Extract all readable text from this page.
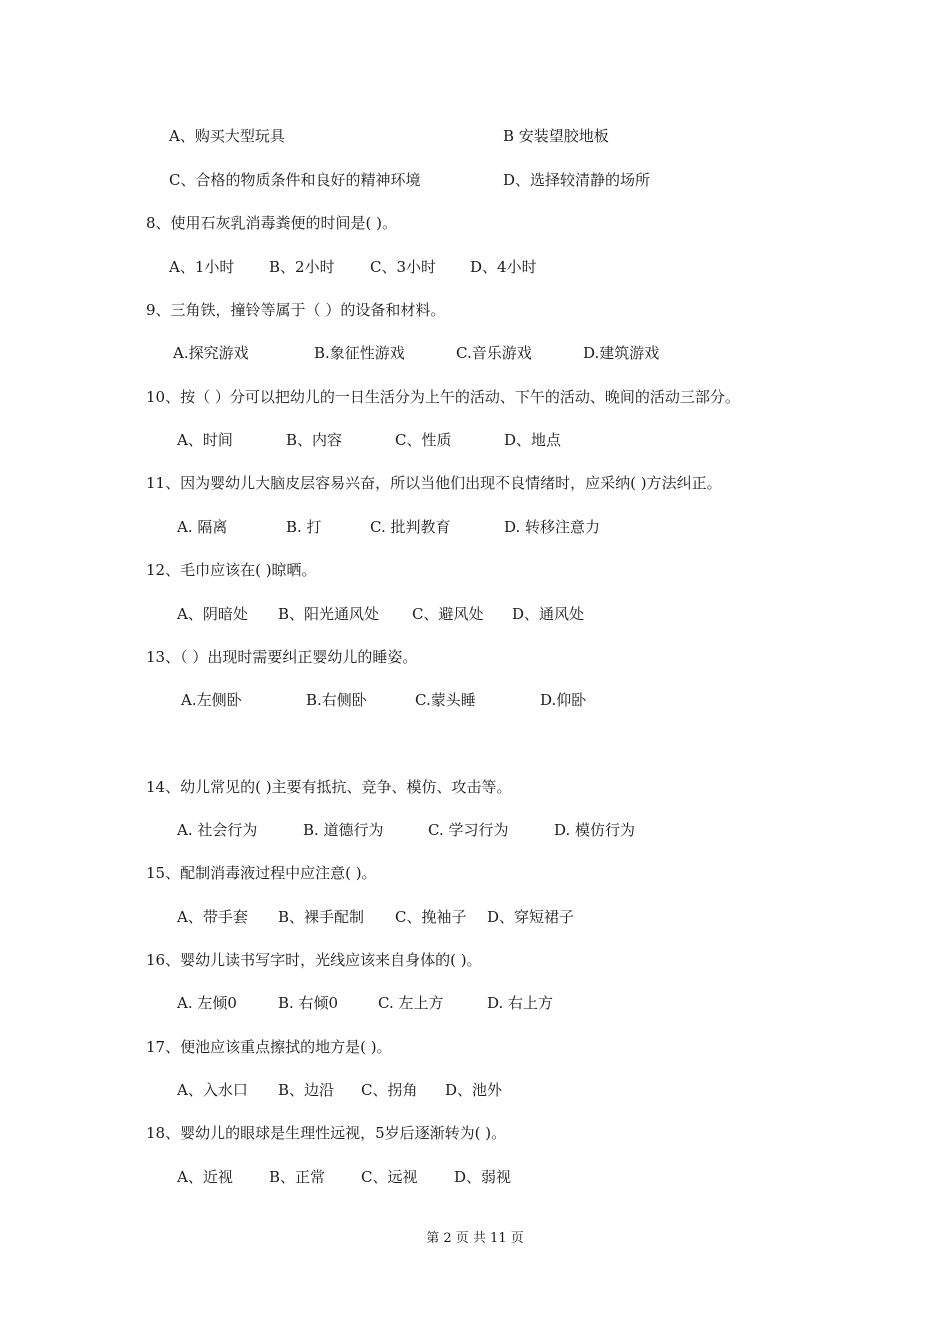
A、购买大型玩具	B 安装望胶地板
C、合格的物质条件和良好的精神环境	D、选择较清静的场所
8、使用石灰乳消毒粪便的时间是( )。
A、1小时 B、2小时 C、3小时 D、4小时
9、三角铁，撞铃等属于（ ）的设备和材料。
A.探究游戏	B.象征性游戏	C.音乐游戏	D.建筑游戏
10、按（ ）分可以把幼儿的一日生活分为上午的活动、下午的活动、晚间的活动三部分。
A、时间	B、内容	C、性质	D、地点
11、因为婴幼儿大脑皮层容易兴奋，所以当他们出现不良情绪时，应采纳( )方法纠正。
A. 隔离	B. 打	C. 批判教育	D. 转移注意力
12、毛巾应该在( )晾晒。
A、阴暗处 B、阳光通风处 C、避风处 D、通风处
13、（ ）出现时需要纠正婴幼儿的睡姿。
A.左侧卧	B.右侧卧	C.蒙头睡	D.仰卧
14、幼儿常见的( )主要有抵抗、竞争、模仿、攻击等。
A. 社会行为	B. 道德行为	C. 学习行为	D. 模仿行为
15、配制消毒液过程中应注意( )。
A、带手套 B、裸手配制 C、挽袖子 D、穿短裙子
16、婴幼儿读书写字时，光线应该来自身体的( )。
A. 左倾0	B. 右倾0	C. 左上方	D. 右上方
17、便池应该重点擦拭的地方是( )。
A、入水口 B、边沿 C、拐角 D、池外
18、婴幼儿的眼球是生理性远视，5岁后逐渐转为( )。
A、近视 B、正常 C、远视 D、弱视
第 2 页 共 11 页
